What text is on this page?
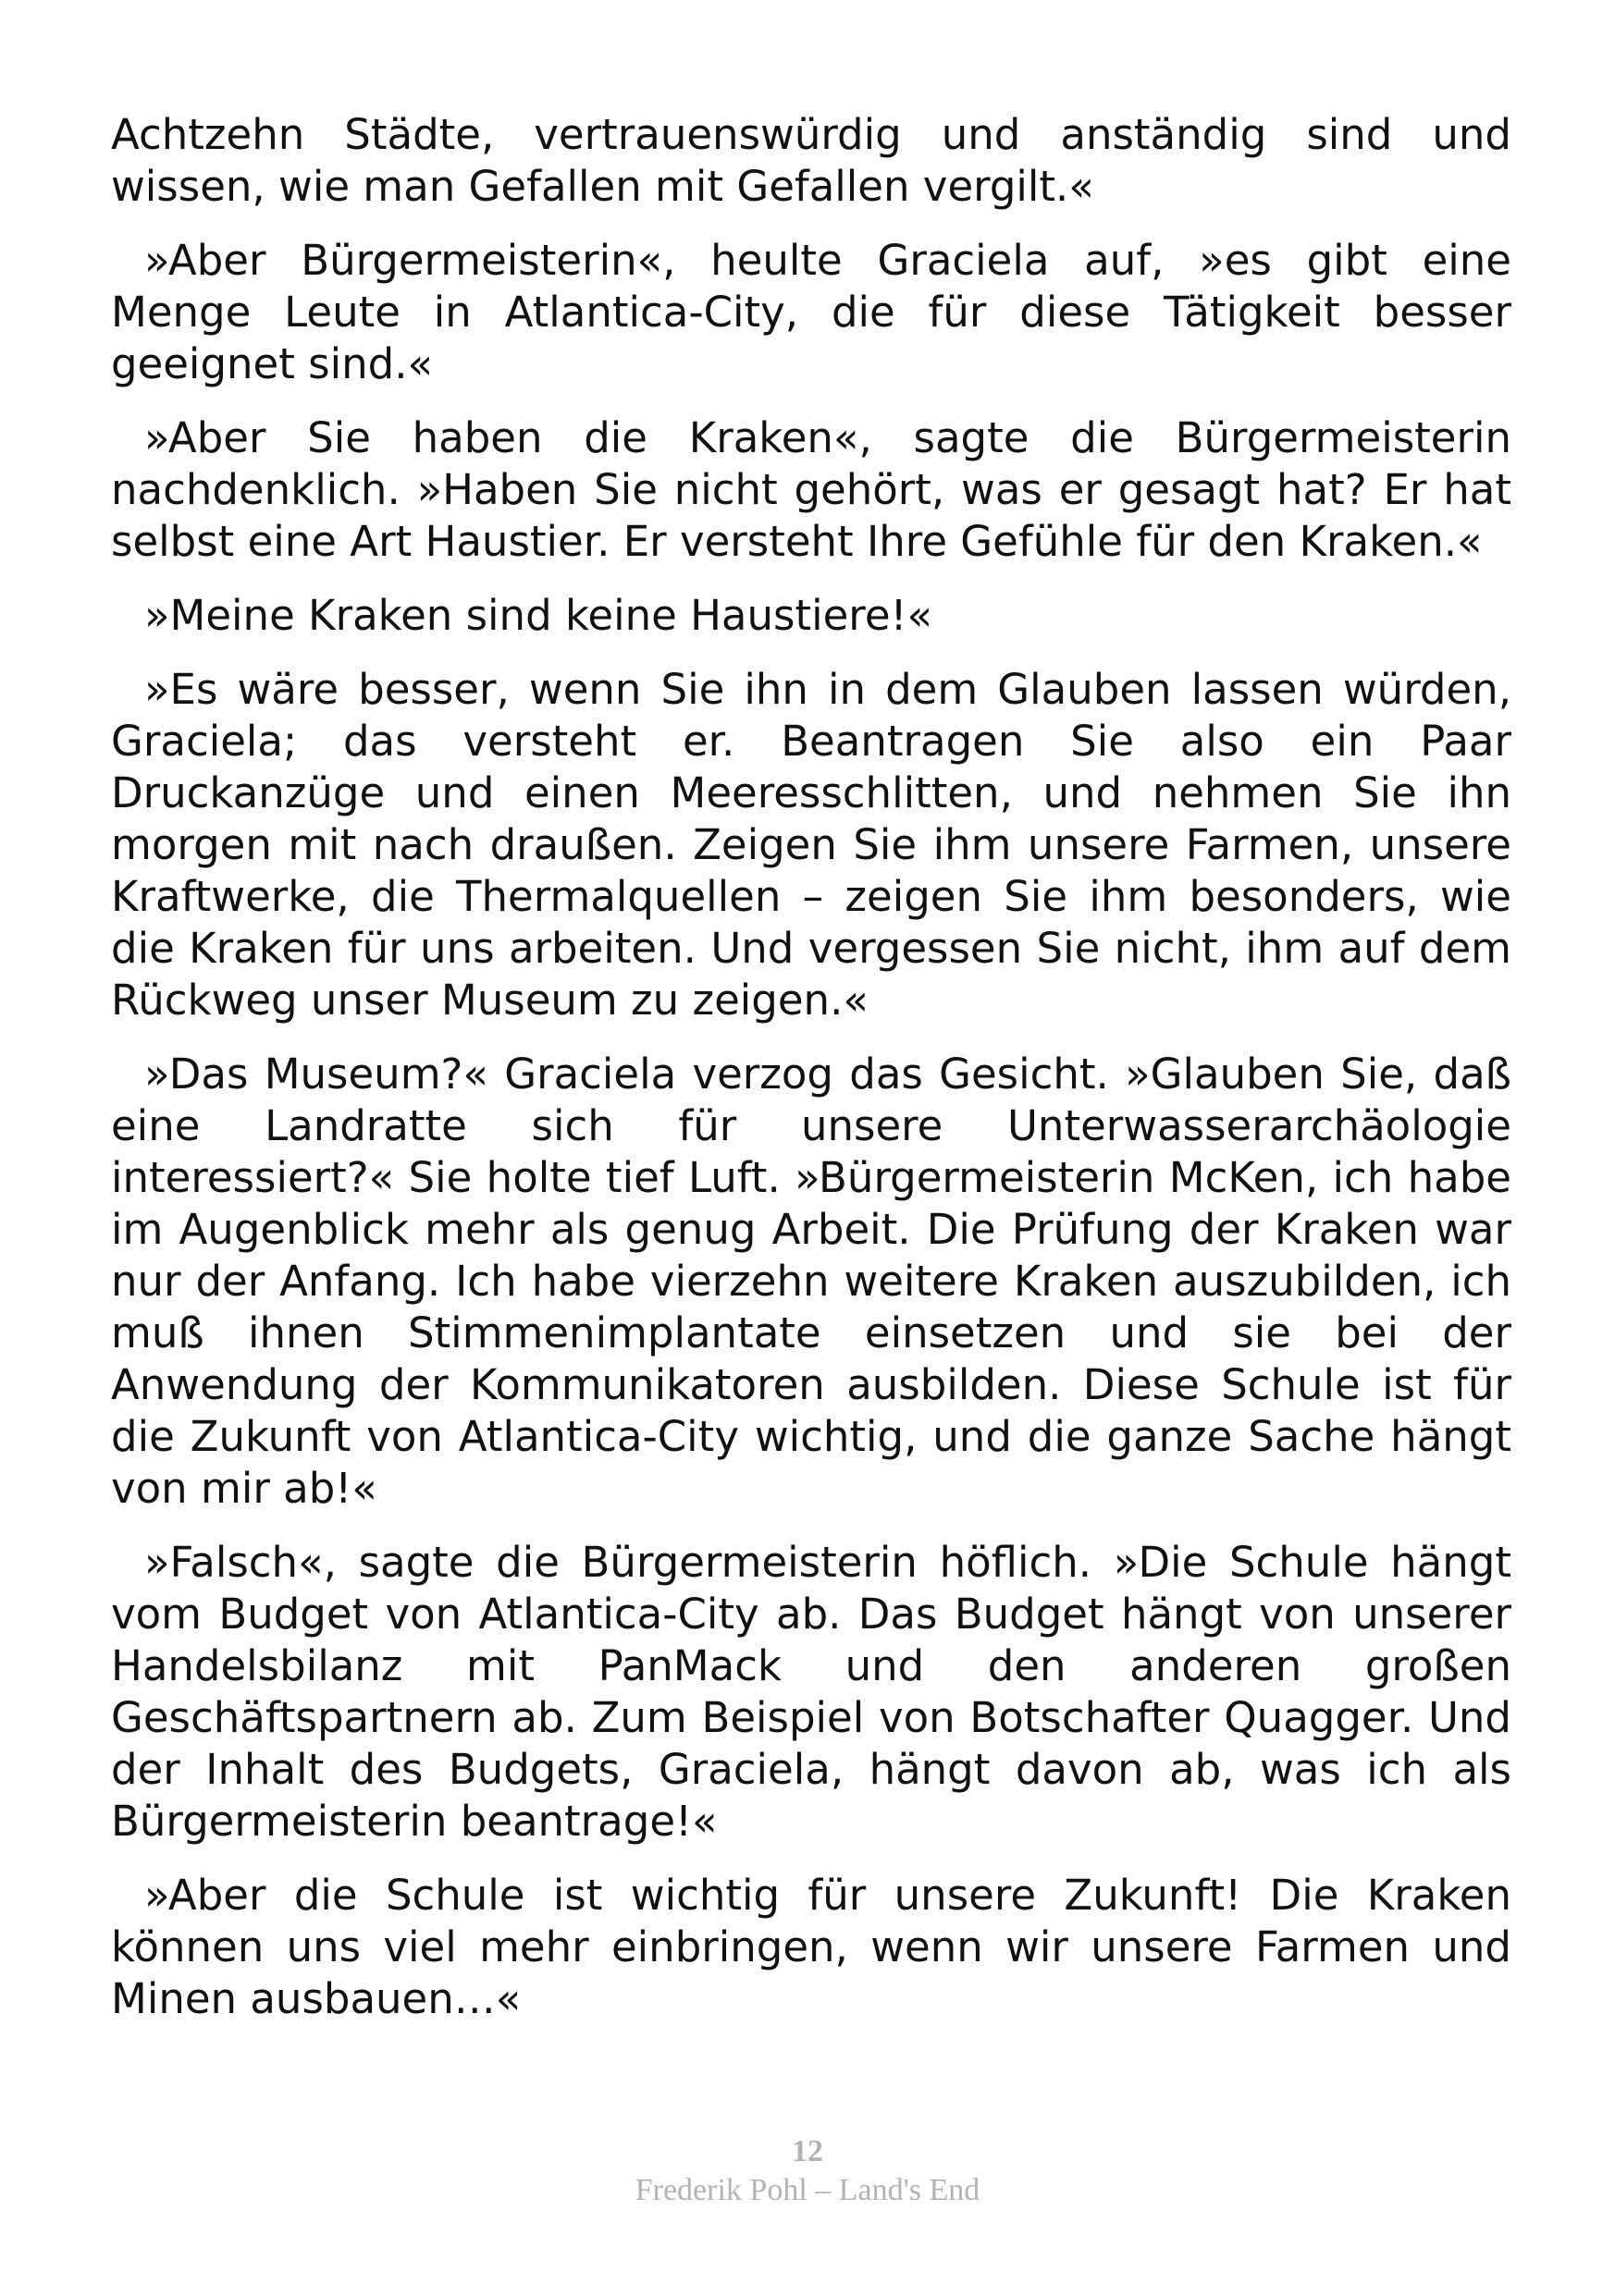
Achtzehn Städte, vertrauenswürdig und anständig sind und wissen, wie man Gefallen mit Gefallen vergilt.«

»Aber Bürgermeisterin«, heulte Graciela auf, »es gibt eine Menge Leute in Atlantica-City, die für diese Tätigkeit besser geeignet sind.«

»Aber Sie haben die Kraken«, sagte die Bürgermeisterin nachdenklich. »Haben Sie nicht gehört, was er gesagt hat? Er hat selbst eine Art Haustier. Er versteht Ihre Gefühle für den Kraken.«

»Meine Kraken sind keine Haustiere!«

»Es wäre besser, wenn Sie ihn in dem Glauben lassen würden, Graciela; das versteht er. Beantragen Sie also ein Paar Druckanzüge und einen Meeresschlitten, und nehmen Sie ihn morgen mit nach draußen. Zeigen Sie ihm unsere Farmen, unsere Kraftwerke, die Thermalquellen – zeigen Sie ihm besonders, wie die Kraken für uns arbeiten. Und vergessen Sie nicht, ihm auf dem Rückweg unser Museum zu zeigen.«

»Das Museum?« Graciela verzog das Gesicht. »Glauben Sie, daß eine Landratte sich für unsere Unterwasserarchäologie interessiert?« Sie holte tief Luft. »Bürgermeisterin McKen, ich habe im Augenblick mehr als genug Arbeit. Die Prüfung der Kraken war nur der Anfang. Ich habe vierzehn weitere Kraken auszubilden, ich muß ihnen Stimmenimplantate einsetzen und sie bei der Anwendung der Kommunikatoren ausbilden. Diese Schule ist für die Zukunft von Atlantica-City wichtig, und die ganze Sache hängt von mir ab!«

»Falsch«, sagte die Bürgermeisterin höflich. »Die Schule hängt vom Budget von Atlantica-City ab. Das Budget hängt von unserer Handelsbilanz mit PanMack und den anderen großen Geschäftspartnern ab. Zum Beispiel von Botschafter Quagger. Und der Inhalt des Budgets, Graciela, hängt davon ab, was ich als Bürgermeisterin beantrage!«

»Aber die Schule ist wichtig für unsere Zukunft! Die Kraken können uns viel mehr einbringen, wenn wir unsere Farmen und Minen ausbauen…«

12
Frederik Pohl – Land's End
